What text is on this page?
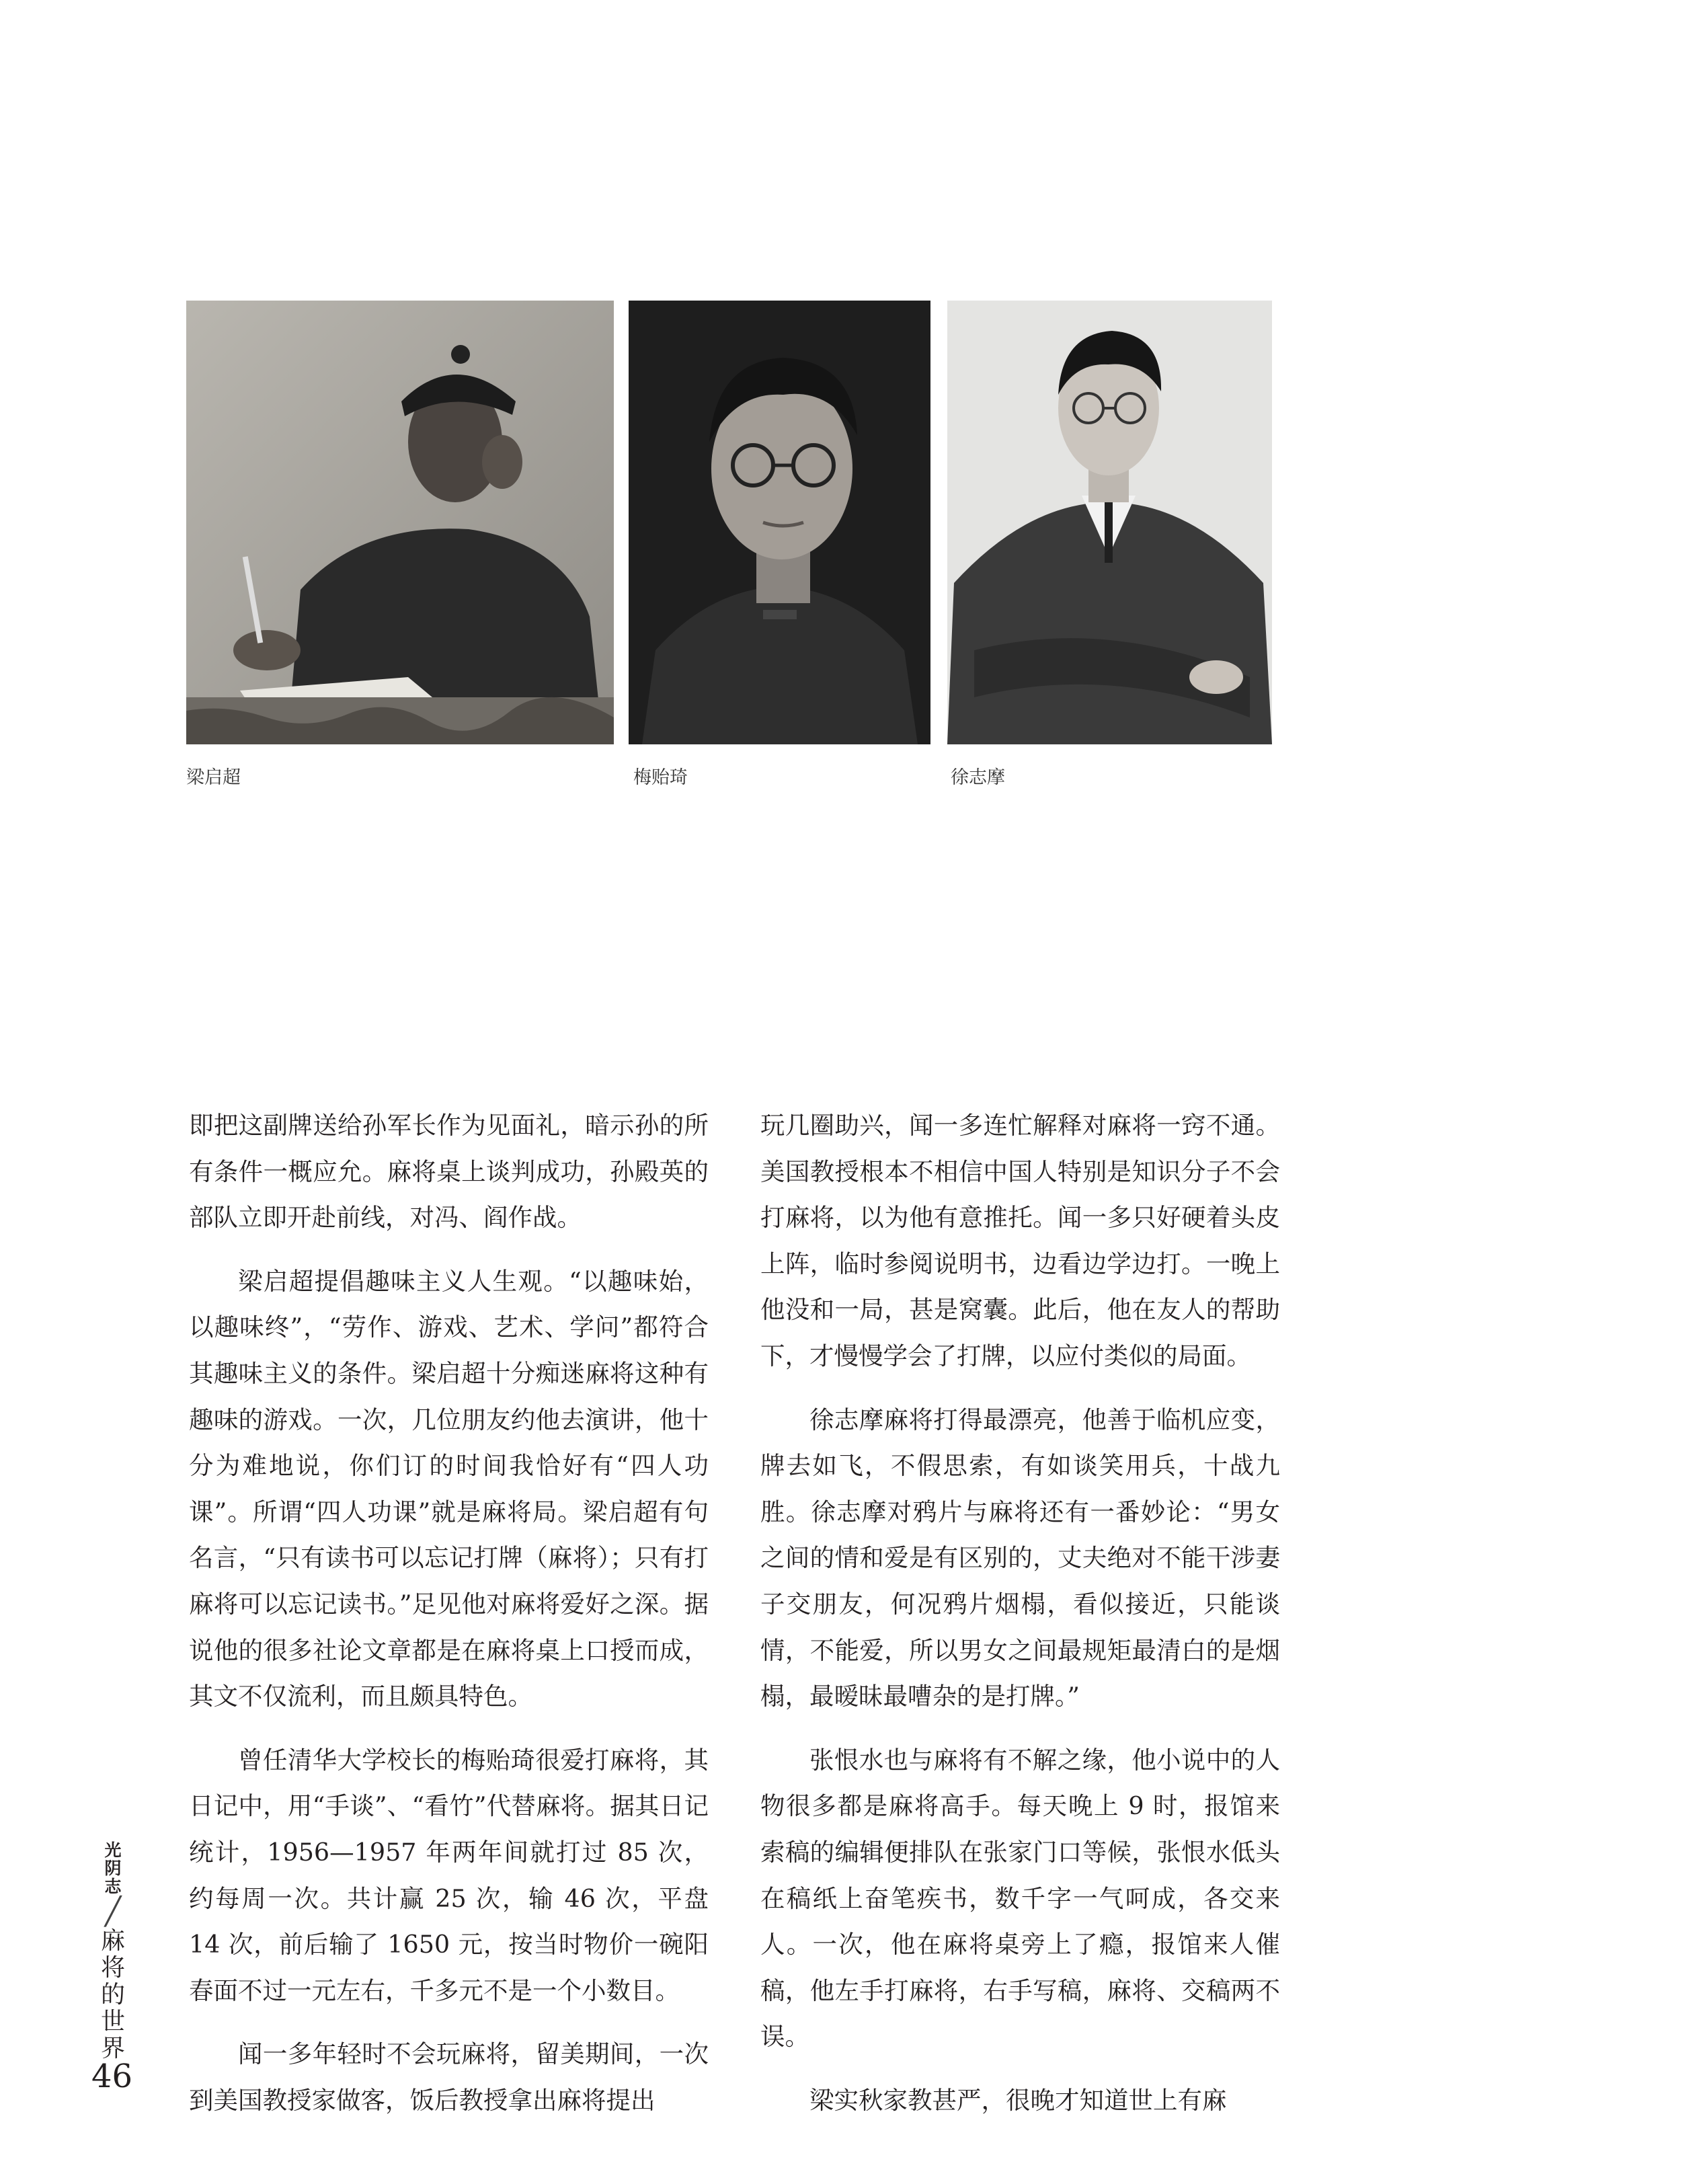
梁启超	梅贻琦	徐志摩

即把这副牌送给孙军长作为见面礼，暗示孙的所有条件一概应允。麻将桌上谈判成功，孙殿英的部队立即开赴前线，对冯、阎作战。

梁启超提倡趣味主义人生观。“以趣味始，以趣味终”，“劳作、游戏、艺术、学问”都符合其趣味主义的条件。梁启超十分痴迷麻将这种有趣味的游戏。一次，几位朋友约他去演讲，他十分为难地说，你们订的时间我恰好有“四人功课”。所谓“四人功课”就是麻将局。梁启超有句名言，“只有读书可以忘记打牌（麻将）；只有打麻将可以忘记读书。”足见他对麻将爱好之深。据说他的很多社论文章都是在麻将桌上口授而成，其文不仅流利，而且颇具特色。

曾任清华大学校长的梅贻琦很爱打麻将，其日记中，用“手谈”、“看竹”代替麻将。据其日记统计，1956—1957 年两年间就打过 85 次，约每周一次。共计赢 25 次，输 46 次，平盘 14 次，前后输了 1650 元，按当时物价一碗阳春面不过一元左右，千多元不是一个小数目。

闻一多年轻时不会玩麻将，留美期间，一次到美国教授家做客，饭后教授拿出麻将提出

玩几圈助兴，闻一多连忙解释对麻将一窍不通。美国教授根本不相信中国人特别是知识分子不会打麻将，以为他有意推托。闻一多只好硬着头皮上阵，临时参阅说明书，边看边学边打。一晚上他没和一局，甚是窝囊。此后，他在友人的帮助下，才慢慢学会了打牌，以应付类似的局面。

徐志摩麻将打得最漂亮，他善于临机应变，牌去如飞，不假思索，有如谈笑用兵，十战九胜。徐志摩对鸦片与麻将还有一番妙论：“男女之间的情和爱是有区别的，丈夫绝对不能干涉妻子交朋友，何况鸦片烟榻，看似接近，只能谈情，不能爱，所以男女之间最规矩最清白的是烟榻，最暧昧最嘈杂的是打牌。”

张恨水也与麻将有不解之缘，他小说中的人物很多都是麻将高手。每天晚上 9 时，报馆来索稿的编辑便排队在张家门口等候，张恨水低头在稿纸上奋笔疾书，数千字一气呵成，各交来人。一次，他在麻将桌旁上了瘾，报馆来人催稿，他左手打麻将，右手写稿，麻将、交稿两不误。

梁实秋家教甚严，很晚才知道世上有麻

光阴志
╱
麻将的世界
46
